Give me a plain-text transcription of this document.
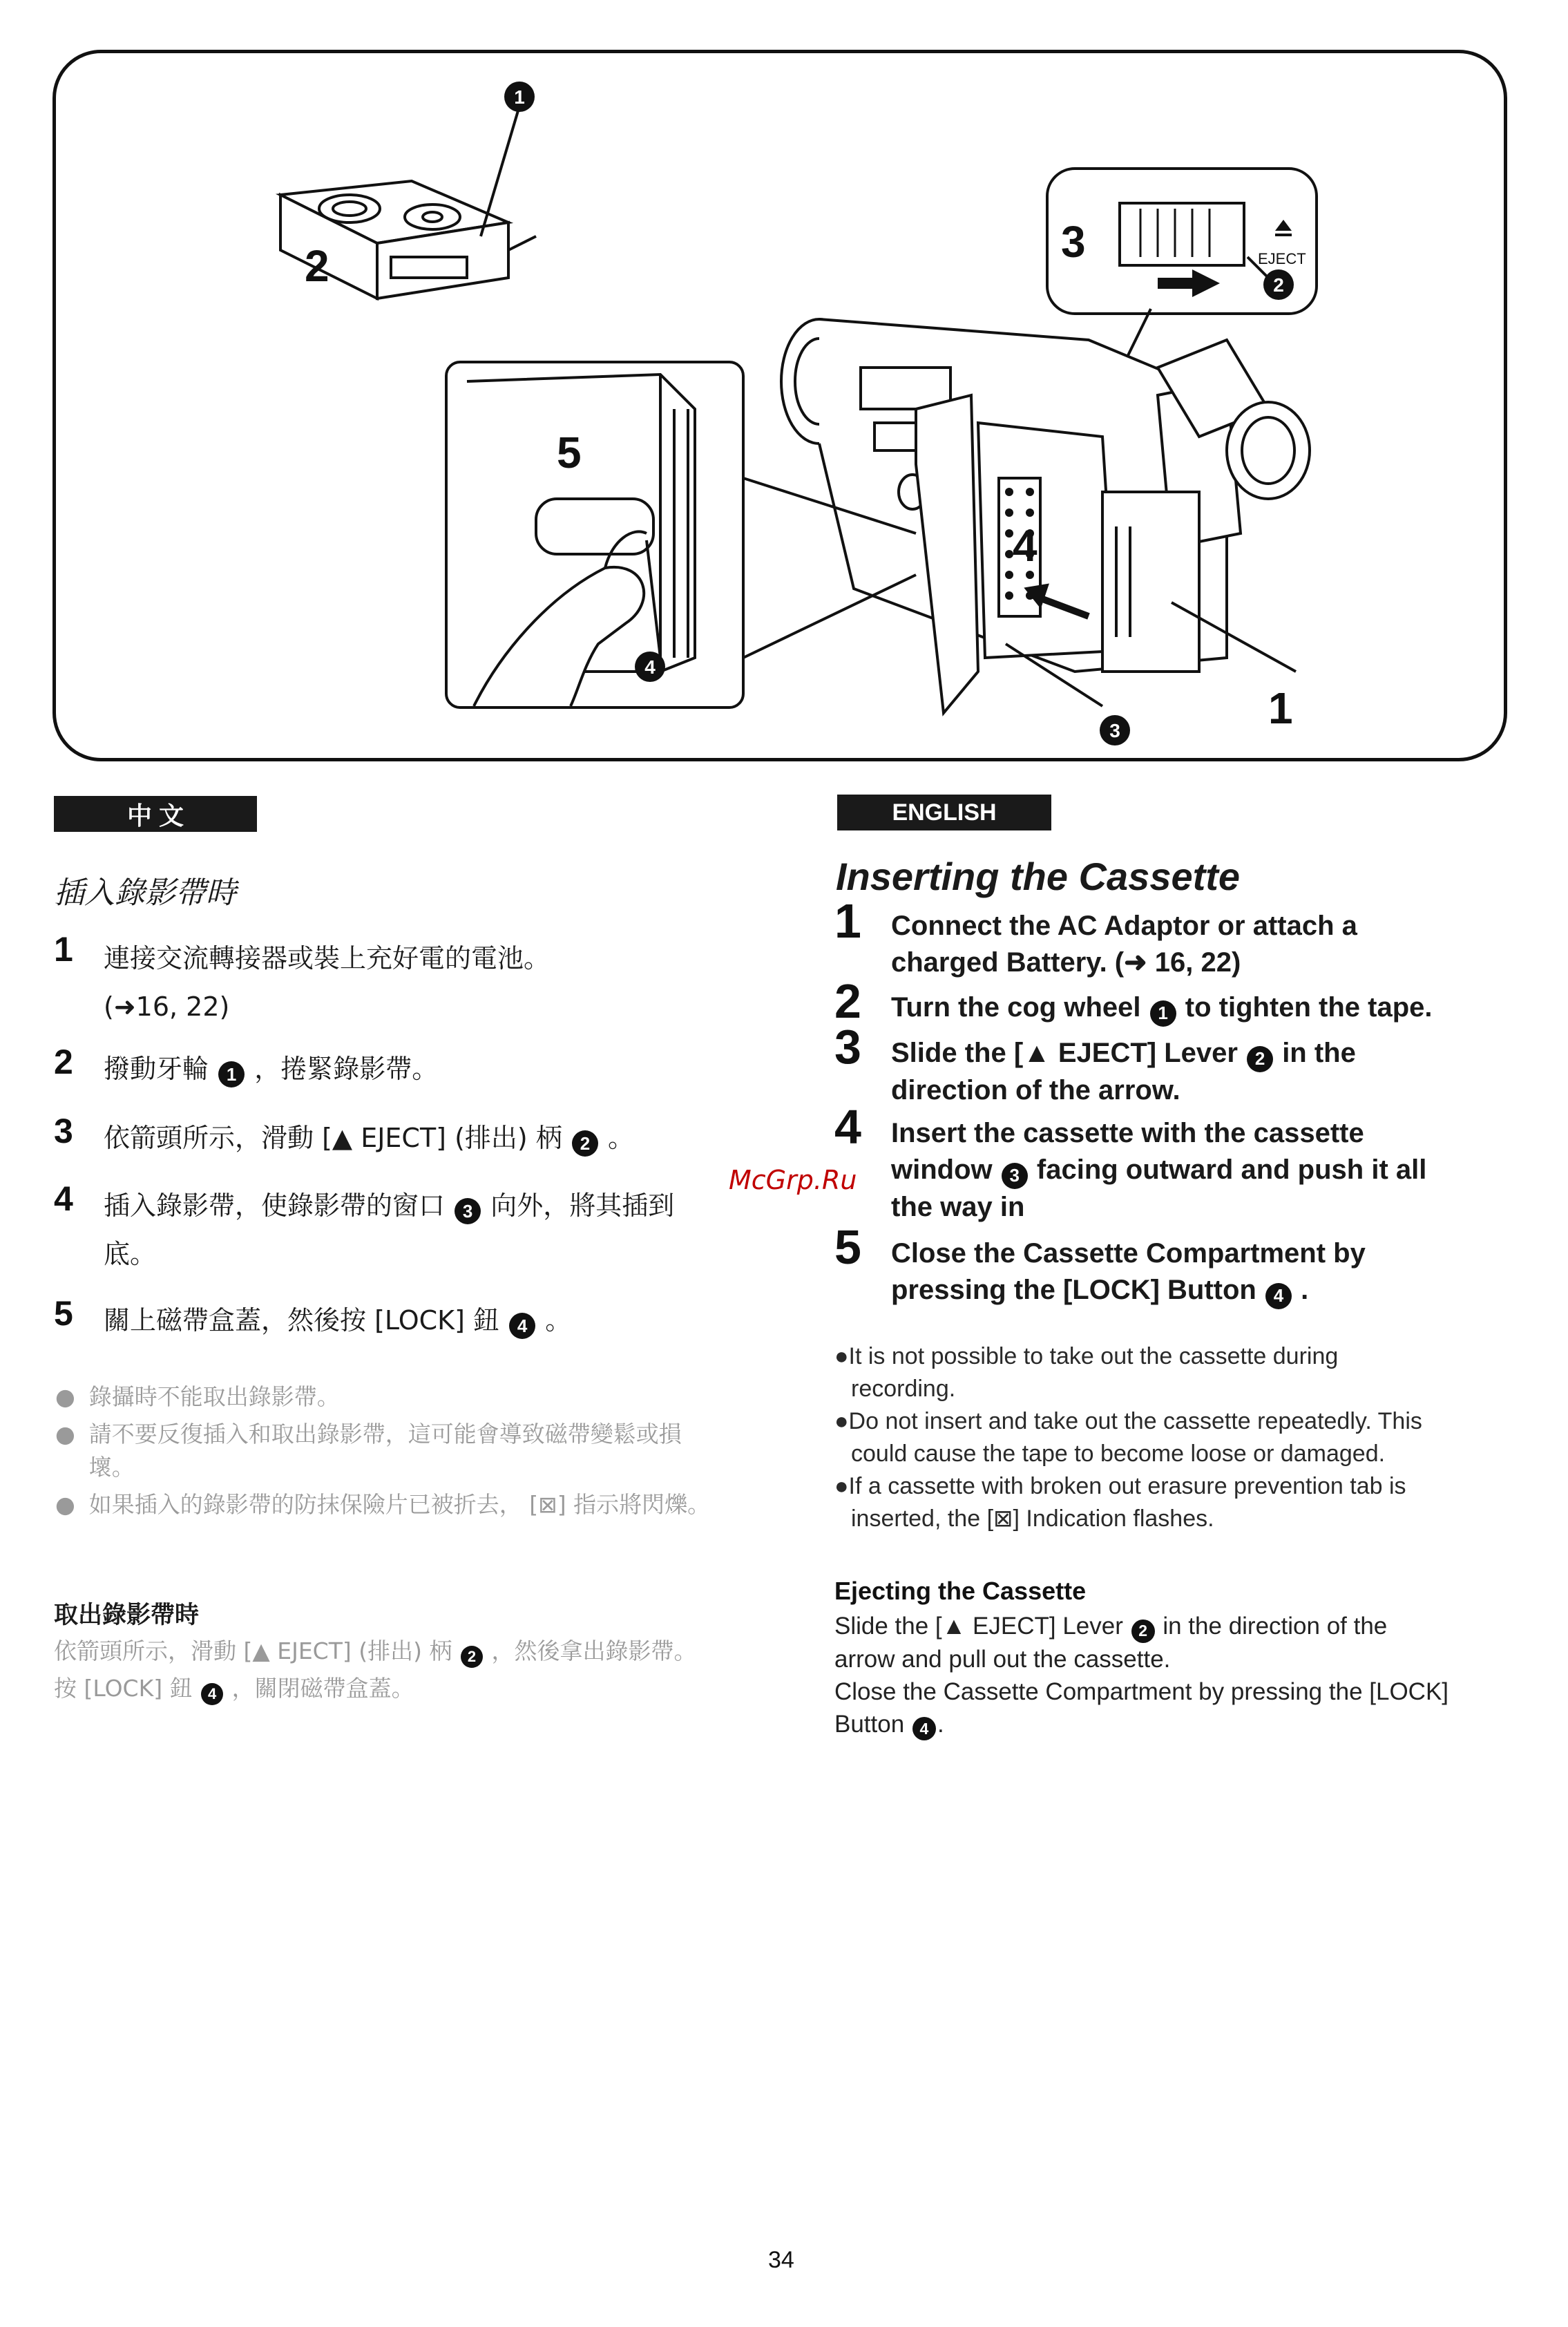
2	3
4
5
1
EJECT
1
2
3
4
中 文
插入錄影帶時
1 連接交流轉接器或裝上充好電的電池。
(➜16, 22)
2 撥動牙輪 1 ，捲緊錄影帶。
3 依箭頭所示，滑動 [▲ EJECT] (排出) 柄 2 。
4 插入錄影帶，使錄影帶的窗口 3 向外，將其插到
底。
5 關上磁帶盒蓋，然後按 [LOCK] 鈕 4 。
● 錄攝時不能取出錄影帶。
● 請不要反復插入和取出錄影帶，這可能會導致磁帶變鬆或損壞。
● 如果插入的錄影帶的防抹保險片已被折去， [⊠] 指示將閃爍。
取出錄影帶時
依箭頭所示，滑動 [▲ EJECT] (排出) 柄 2 ，然後拿出錄影帶。
按 [LOCK] 鈕 4 ，關閉磁帶盒蓋。
McGrp.Ru
ENGLISH
Inserting the Cassette
1 Connect the AC Adaptor or attach a
charged Battery. (➜ 16, 22)
2 Turn the cog wheel 1 to tighten the tape.
3 Slide the [▲ EJECT] Lever 2 in the
direction of the arrow.
4 Insert the cassette with the cassette
window 3 facing outward and push it all
the way in
5 Close the Cassette Compartment by
pressing the [LOCK] Button 4 .
●It is not possible to take out the cassette during
recording.
●Do not insert and take out the cassette repeatedly. This
could cause the tape to become loose or damaged.
●If a cassette with broken out erasure prevention tab is
inserted, the [⊠] Indication flashes.
Ejecting the Cassette
Slide the [▲ EJECT] Lever 2 in the direction of the
arrow and pull out the cassette.
Close the Cassette Compartment by pressing the [LOCK]
Button 4 .
34
